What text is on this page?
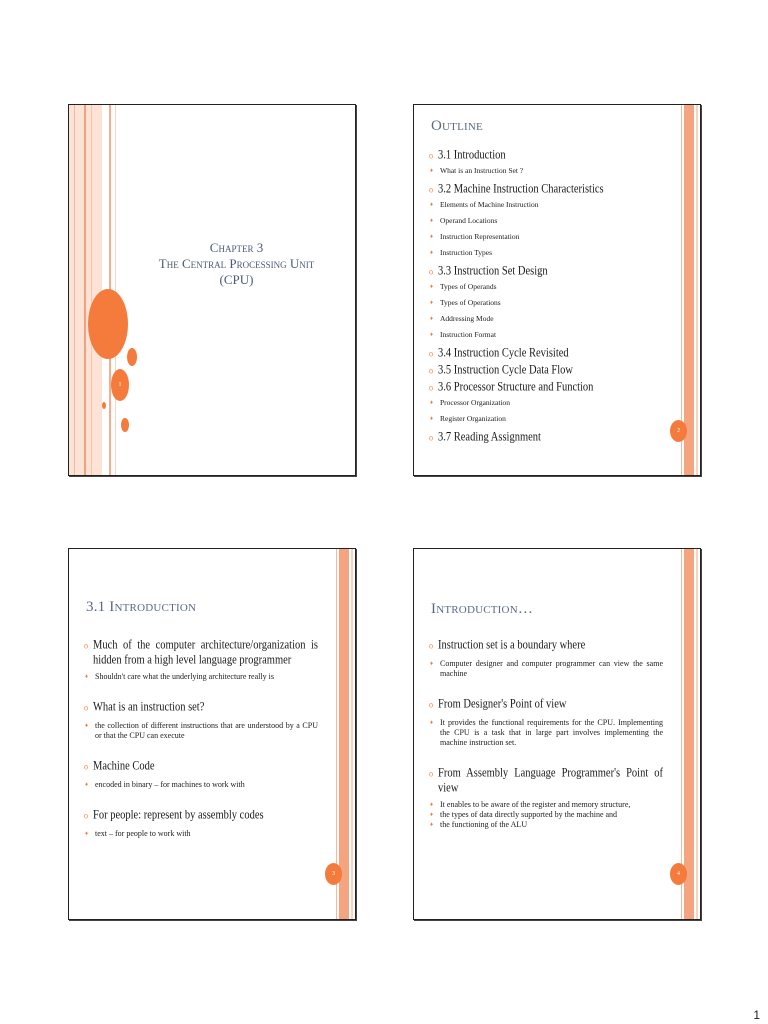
1
Chapter 3
The Central Processing Unit
(CPU)
Outline
o 3.1 Introduction
♦ What is an Instruction Set ?
o 3.2 Machine Instruction Characteristics
♦ Elements of Machine Instruction
♦ Operand Locations
♦ Instruction Representation
♦ Instruction Types
o 3.3 Instruction Set Design
♦ Types of Operands
♦ Types of Operations
♦ Addressing Mode
♦ Instruction Format
o 3.4 Instruction Cycle Revisited
o 3.5 Instruction Cycle Data Flow
o 3.6 Processor Structure and Function
♦ Processor Organization
♦ Register Organization
o 3.7 Reading Assignment
2
3.1 Introduction
o Much of the computer architecture/organization is hidden from a high level language programmer
♦ Shouldn't care what the underlying architecture really is
o What is an instruction set?
♦ the collection of different instructions that are understood by a CPU or that the CPU can execute
o Machine Code
♦ encoded in binary – for machines to work with
o For people: represent by assembly codes
♦ text – for people to work with
3
Introduction…
o Instruction set is a boundary where
♦ Computer designer and computer programmer can view the same machine
o From Designer's Point of view
♦ It provides the functional requirements for the CPU. Implementing the CPU is a task that in large part involves implementing the machine instruction set.
o From Assembly Language Programmer's Point of view
♦ It enables to be aware of the register and memory structure,
♦ the types of data directly supported by the machine and
♦ the functioning of the ALU
4
1
